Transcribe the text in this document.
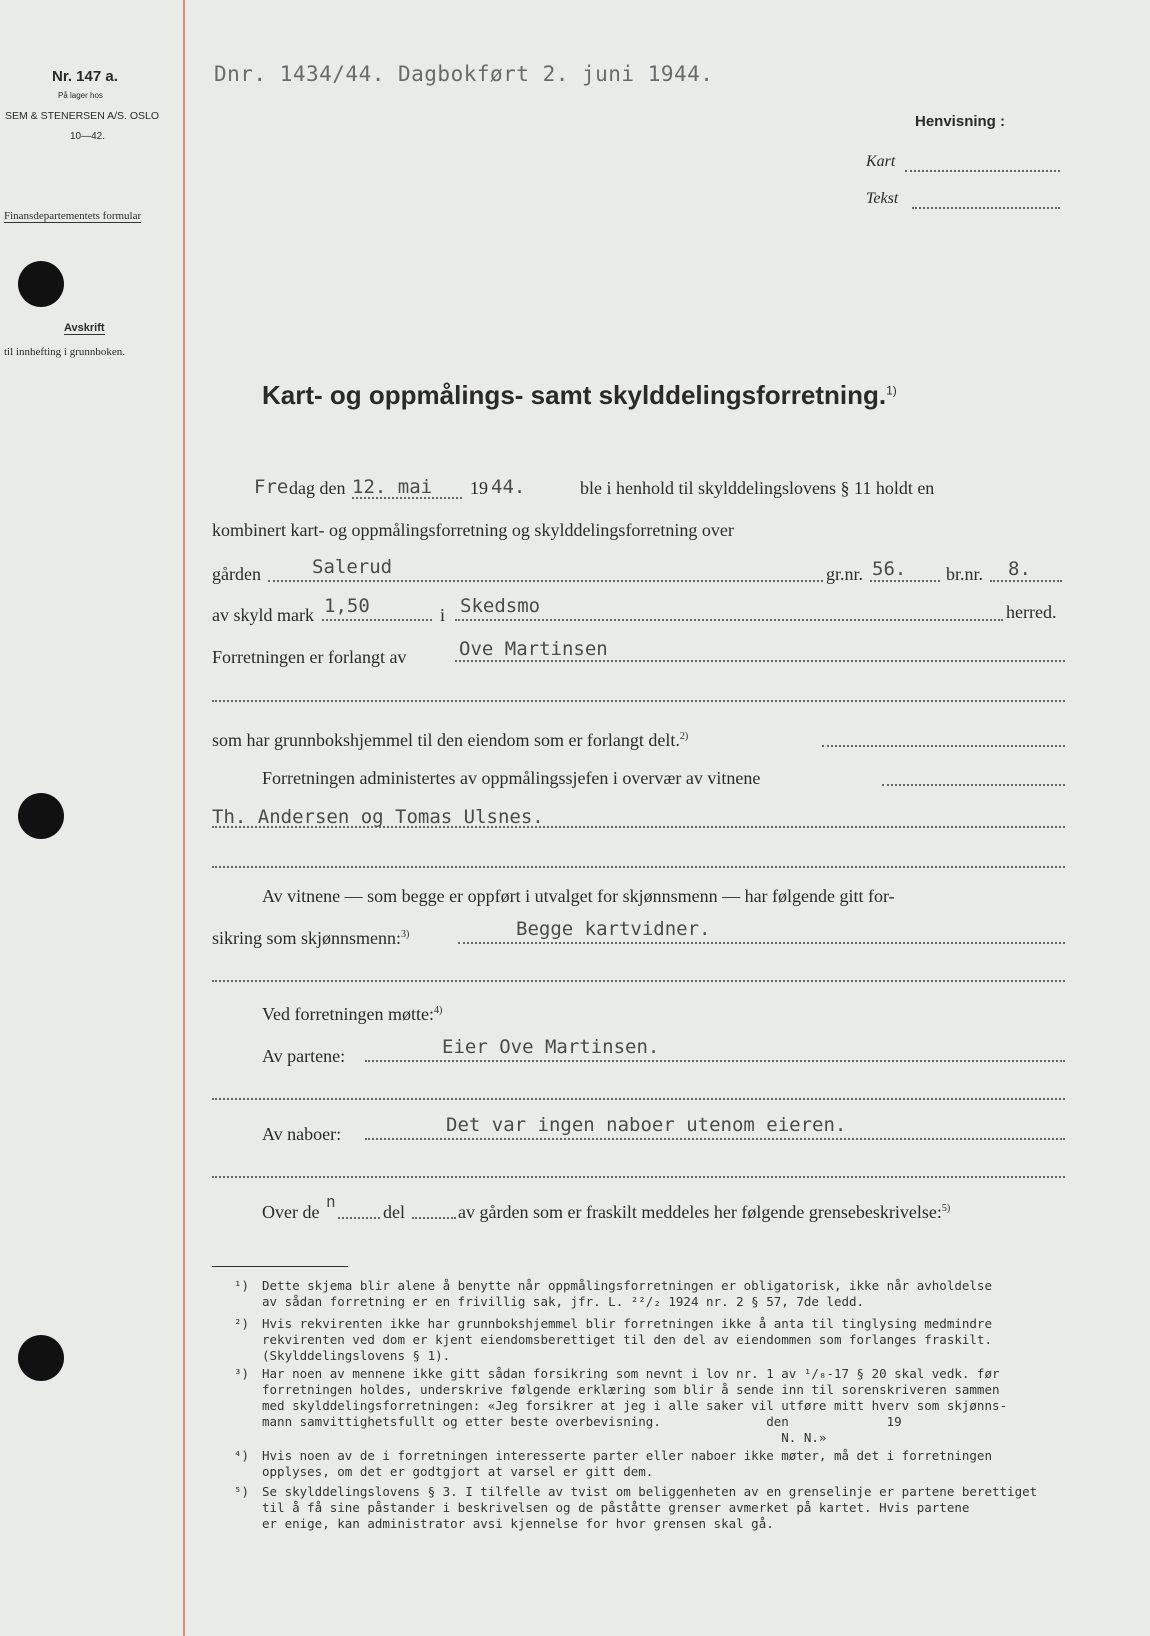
Nr. 147 a.
På lager hos
SEM & STENERSEN A/S. OSLO
10—42.
Finansdepartementets formular
Avskrift
til innhefting i grunnboken.
Dnr. 1434/44. Dagbokført 2. juni 1944.
Henvisning :
Kart
Tekst
Kart- og oppmålings- samt skylddelingsforretning.$^{1)}$
Fre dag den 12. mai 19 44.	ble i henhold til skylddelingslovens § 11 holdt en
kombinert kart- og oppmålingsforretning og skylddelingsforretning over
gården	Salerud	gr.nr. 56. br.nr. 8.
av skyld mark 1,50	i Skedsmo	herred.
Forretningen er forlangt av	Ove Martinsen
som har grunnbokshjemmel til den eiendom som er forlangt delt.$^{2)}$
Forretningen administertes av oppmålingssjefen i overvær av vitnene
Th. Andersen og Tomas Ulsnes.
Av vitnene — som begge er oppført i utvalget for skjønnsmenn — har følgende gitt for-
sikring som skjønnsmenn:$^{3)}$	Begge kartvidner.
Ved forretningen møtte:$^{4)}$
Av partene:	Eier Ove Martinsen.
Av naboer:	Det var ingen naboer utenom eieren.
Over de
n
del	av gården som er fraskilt meddeles her følgende grensebeskrivelse:$^{5)}$
¹) Dette skjema blir alene å benytte når oppmålingsforretningen er obligatorisk, ikke når avholdelse
av sådan forretning er en frivillig sak, jfr. L. ²²/₂ 1924 nr. 2 § 57, 7de ledd.
²) Hvis rekvirenten ikke har grunnbokshjemmel blir forretningen ikke å anta til tinglysing medmindre
rekvirenten ved dom er kjent eiendomsberettiget til den del av eiendommen som forlanges fraskilt.
(Skylddelingslovens § 1).
³) Har noen av mennene ikke gitt sådan forsikring som nevnt i lov nr. 1 av ¹/₈-17 § 20 skal vedk. før
forretningen holdes, underskrive følgende erklæring som blir å sende inn til sorenskriveren sammen
med skylddelingsforretningen: «Jeg forsikrer at jeg i alle saker vil utføre mitt hverv som skjønns-
mann samvittighetsfullt og etter beste overbevisning.              den             19
N. N.»
⁴) Hvis noen av de i forretningen interesserte parter eller naboer ikke møter, må det i forretningen
opplyses, om det er godtgjort at varsel er gitt dem.
⁵) Se skylddelingslovens § 3. I tilfelle av tvist om beliggenheten av en grenselinje er partene berettiget
til å få sine påstander i beskrivelsen og de påståtte grenser avmerket på kartet. Hvis partene
er enige, kan administrator avsi kjennelse for hvor grensen skal gå.
